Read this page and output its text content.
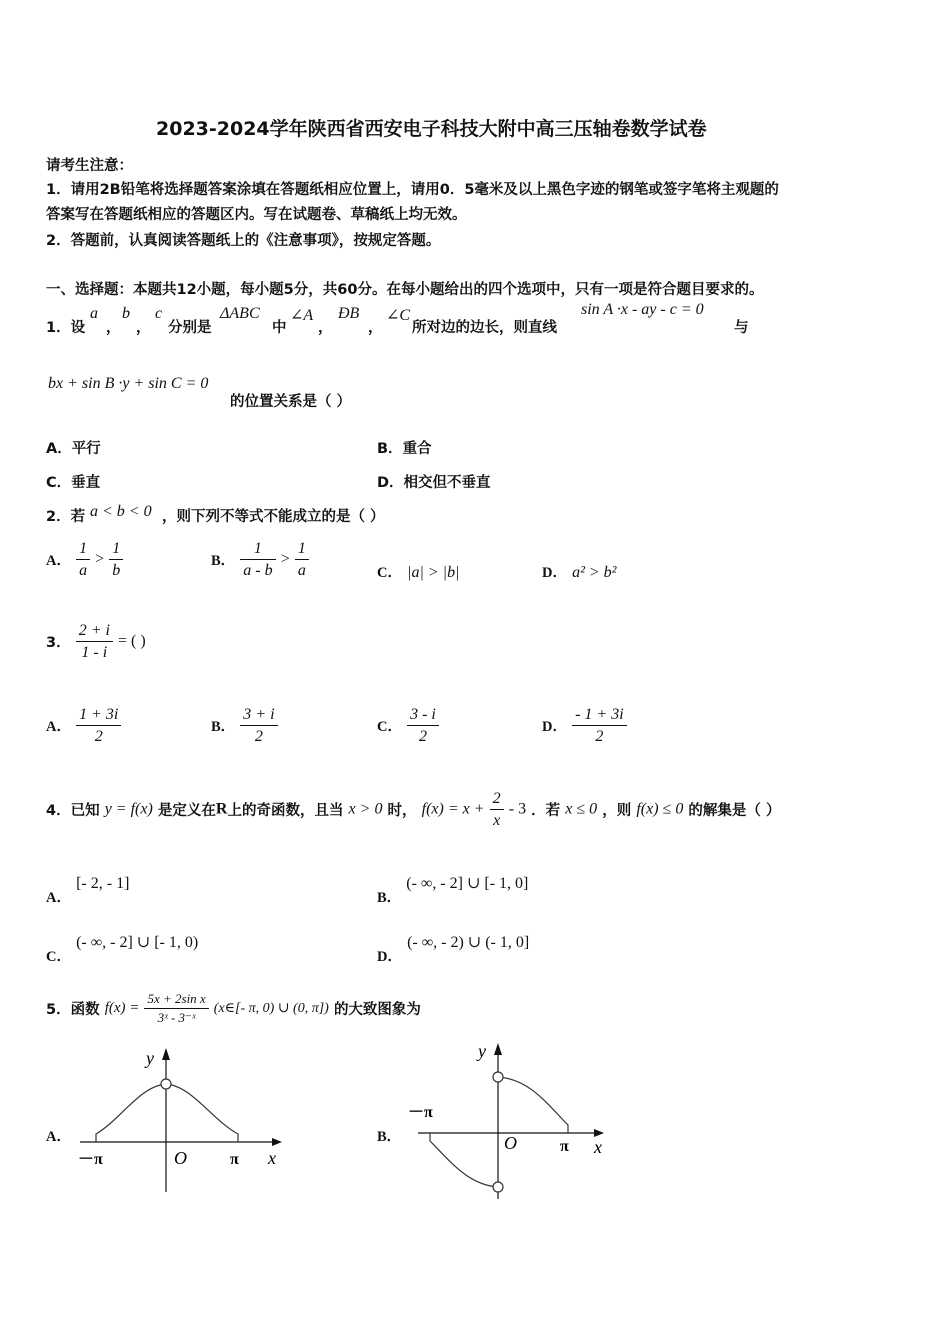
2023-2024学年陕西省西安电子科技大附中高三压轴卷数学试卷
请考生注意：
1．请用2B铅笔将选择题答案涂填在答题纸相应位置上，请用0．5毫米及以上黑色字迹的钢笔或签字笔将主观题的
答案写在答题纸相应的答题区内。写在试题卷、草稿纸上均无效。
2．答题前，认真阅读答题纸上的《注意事项》，按规定答题。
一、选择题：本题共12小题，每小题5分，共60分。在每小题给出的四个选项中，只有一项是符合题目要求的。
1．设
a
，
b
，
c
分别是
ΔABC
中
∠A
，
ÐB
，
∠C
所对边的边长，则直线
sin A ·x - ay - c = 0
与
bx + sin B ·y + sin C = 0
的位置关系是（ ）
A．平行	B．重合
C．垂直	D．相交但不垂直
2．若 a < b < 0 ，则下列不等式不能成立的是（ ）
A． $\frac{1}{a} > \frac{1}{b}$	B． $\frac{1}{a - b} > \frac{1}{a}$	C． |a| > |b|	D． a² > b²
3． $\frac{2 + i}{1 - i}$ = ( )
A． $\frac{1 + 3i}{2}$	B． $\frac{3 + i}{2}$	C． $\frac{3 - i}{2}$	D． $\frac{- 1 + 3i}{2}$
4．已知 y = f(x) 是定义在R上的奇函数，且当 x > 0 时， $f(x) = x + \frac{2}{x} - 3$ ．若 x ≤ 0 ，则 f(x) ≤ 0 的解集是（ ）
A． [- 2, - 1]
B． (- ∞, - 2] ∪ [- 1, 0]
C． (- ∞, - 2] ∪ [- 1, 0)
D． (- ∞, - 2) ∪ (- 1, 0]
5．函数 $f(x) = \frac{\text{5x + 2sin x}}{\text{3ˣ - 3⁻ˣ}}$ (x∈[- π, 0) ∪ (0, π]) 的大致图象为
A．
y
x
O
－π	π
B．
y
x
O
－π
π
